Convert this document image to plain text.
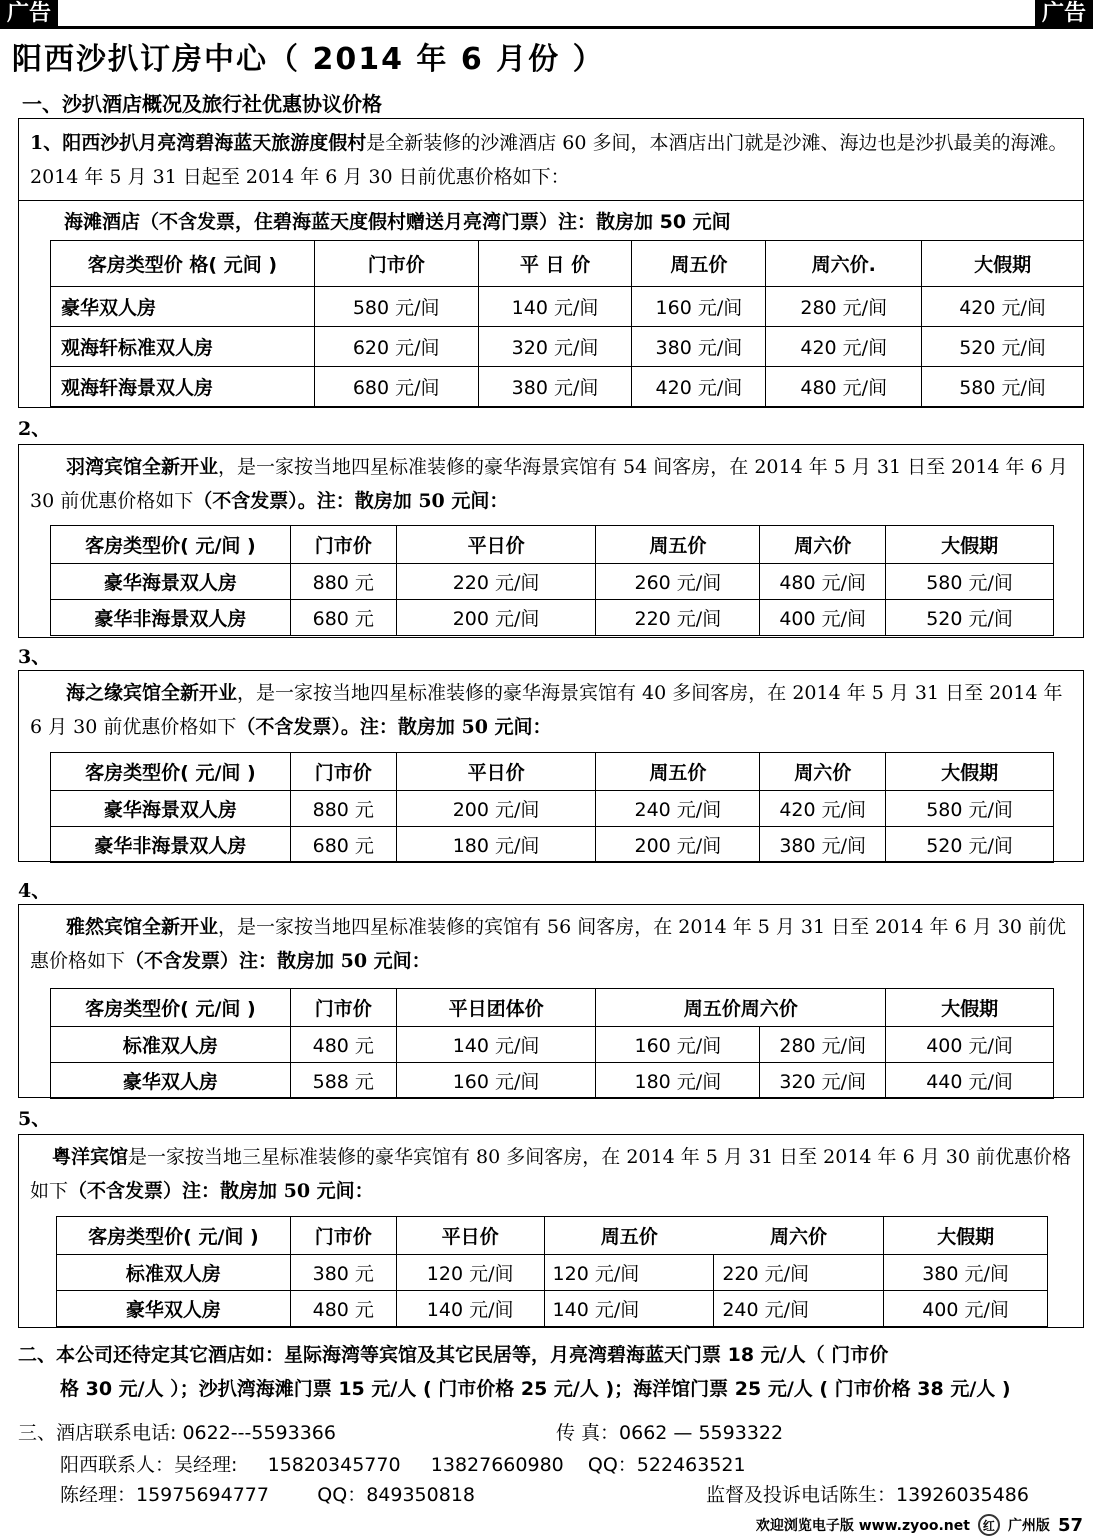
广告	广告
阳西沙扒订房中心（ 2014 年 6 月份 ）
一、沙扒酒店概况及旅行社优惠协议价格
1、阳西沙扒月亮湾碧海蓝天旅游度假村是全新装修的沙滩酒店 60 多间，本酒店出门就是沙滩、海边也是沙扒最美的海滩。2014 年 5 月 31 日起至 2014 年 6 月 30 日前优惠价格如下：
海滩酒店（不含发票，住碧海蓝天度假村赠送月亮湾门票）注：散房加 50 元间
客房类型价 格( 元间 )	门市价	平 日 价	周五价	周六价.	大假期
豪华双人房	580 元/间	140 元/间	160 元/间	280 元/间	420 元/间
观海轩标准双人房	620 元/间	320 元/间	380 元/间	420 元/间	520 元/间
观海轩海景双人房	680 元/间	380 元/间	420 元/间	480 元/间	580 元/间
2、
羽湾宾馆全新开业，是一家按当地四星标准装修的豪华海景宾馆有 54 间客房，在 2014 年 5 月 31 日至 2014 年 6 月 30 前优惠价格如下（不含发票）。注：散房加 50 元间：
客房类型价( 元/间 )	门市价	平日价	周五价	周六价	大假期
豪华海景双人房	880 元	220 元/间	260 元/间	480 元/间	580 元/间
豪华非海景双人房	680 元	200 元/间	220 元/间	400 元/间	520 元/间
3、
海之缘宾馆全新开业，是一家按当地四星标准装修的豪华海景宾馆有 40 多间客房，在 2014 年 5 月 31 日至 2014 年 6 月 30 前优惠价格如下（不含发票）。注：散房加 50 元间：
客房类型价( 元/间 )	门市价	平日价	周五价	周六价	大假期
豪华海景双人房	880 元	200 元/间	240 元/间	420 元/间	580 元/间
豪华非海景双人房	680 元	180 元/间	200 元/间	380 元/间	520 元/间
4、
雅然宾馆全新开业，是一家按当地四星标准装修的宾馆有 56 间客房，在 2014 年 5 月 31 日至 2014 年 6 月 30 前优惠价格如下（不含发票）注：散房加 50 元间：
客房类型价( 元/间 )	门市价	平日团体价	周五价周六价		大假期
标准双人房	480 元	140 元/间	160 元/间	280 元/间	400 元/间
豪华双人房	588 元	160 元/间	180 元/间	320 元/间	440 元/间
5、
粤洋宾馆是一家按当地三星标准装修的豪华宾馆有 80 多间客房，在 2014 年 5 月 31 日至 2014 年 6 月 30 前优惠价格如下（不含发票）注：散房加 50 元间：
客房类型价( 元/间 )	门市价	平日价	周五价	周六价	大假期
标准双人房	380 元	120 元/间	120 元/间	220 元/间	380 元/间
豪华双人房	480 元	140 元/间	140 元/间	240 元/间	400 元/间
二、本公司还待定其它酒店如：星际海湾等宾馆及其它民居等，月亮湾碧海蓝天门票 18 元/人（ 门市价
格 30 元/人 ）；沙扒湾海滩门票 15 元/人 ( 门市价格 25 元/人 )；海洋馆门票 25 元/人 ( 门市价格 38 元/人 )
三、酒店联系电话: 0622---5593366	传 真：0662 — 5593322
阳西联系人：吴经理:     15820345770     13827660980    QQ：522463521
陈经理：15975694777        QQ：849350818	监督及投诉电话陈生：13926035486
欢迎浏览电子版 www.zyoo.net	红 广州版 57
